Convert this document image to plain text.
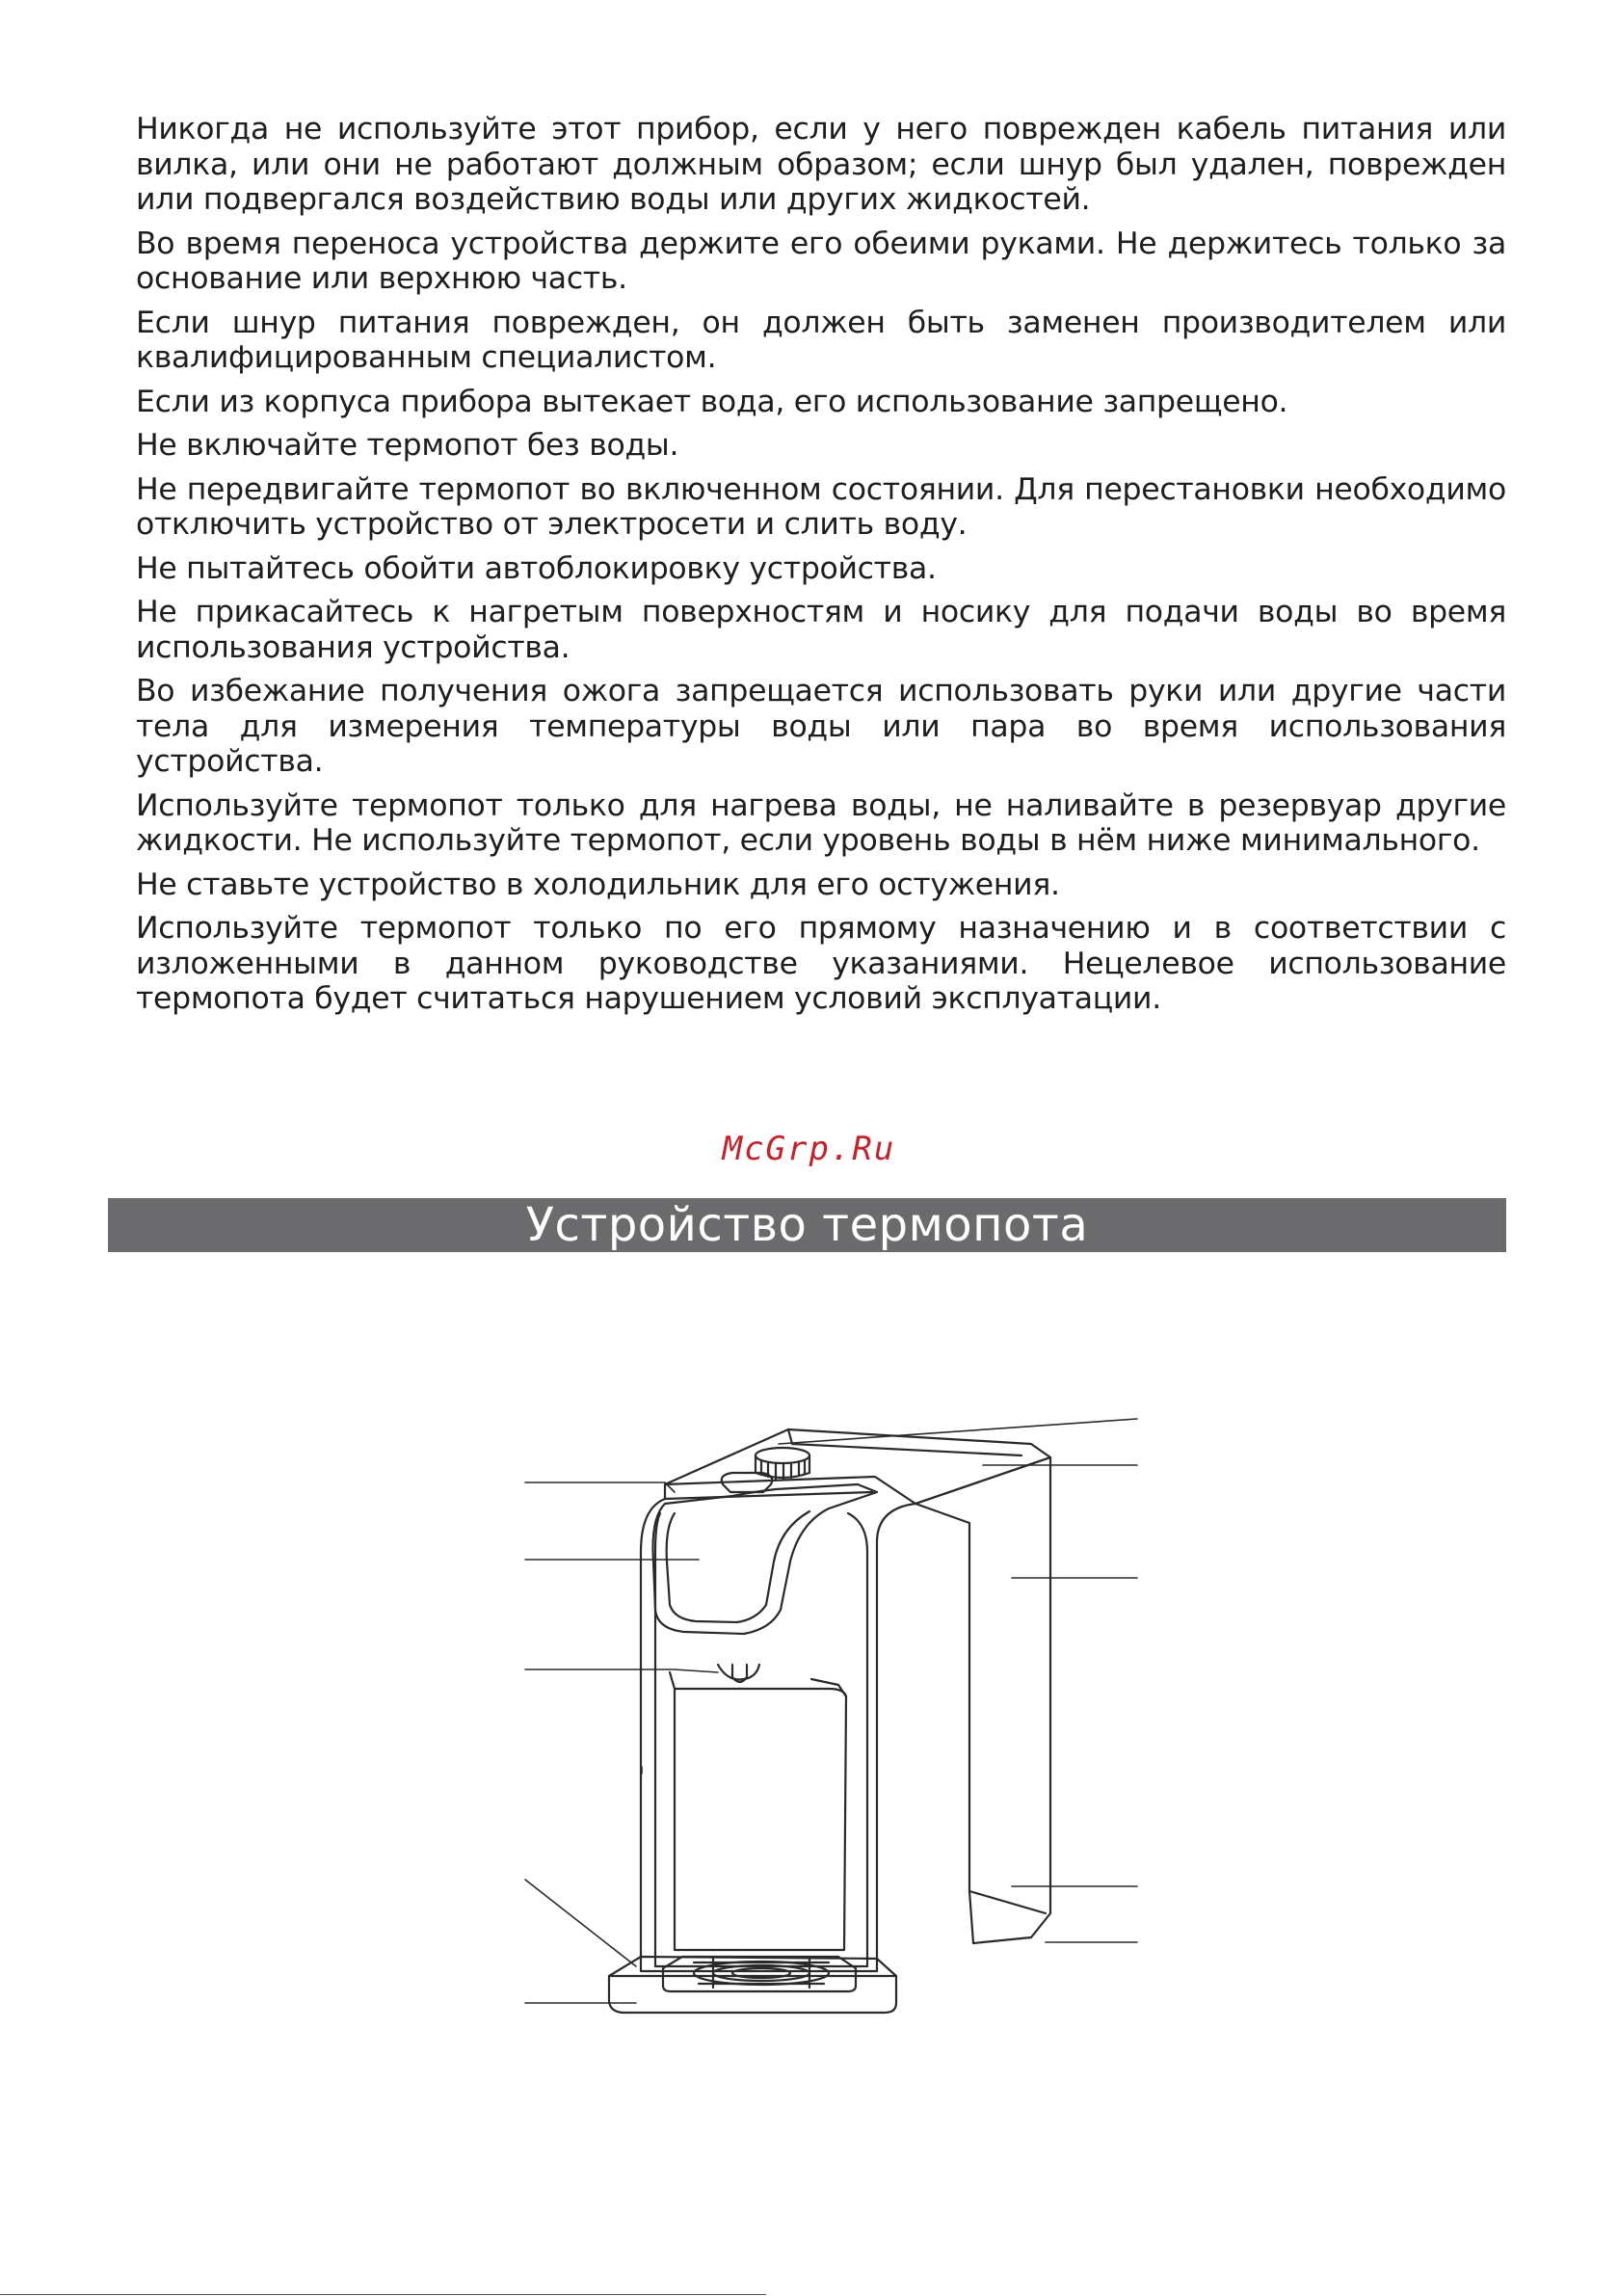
Никогда не используйте этот прибор, если у него поврежден кабель питания или вилка, или они не работают должным образом; если шнур был удален, поврежден или подвергался воздействию воды или других жидкостей.

Во время переноса устройства держите его обеими руками. Не держитесь только за основание или верхнюю часть.

Если шнур питания поврежден, он должен быть заменен производителем или квалифицированным специалистом.

Если из корпуса прибора вытекает вода, его использование запрещено.

Не включайте термопот без воды.

Не передвигайте термопот во включенном состоянии. Для перестановки необходимо отключить устройство от электросети и слить воду.

Не пытайтесь обойти автоблокировку устройства.

Не прикасайтесь к нагретым поверхностям и носику для подачи воды во время использования устройства.

Во избежание получения ожога запрещается использовать руки или другие части тела для измерения температуры воды или пара во время использования устройства.

Используйте термопот только для нагрева воды, не наливайте в резервуар другие жидкости. Не используйте термопот, если уровень воды в нём ниже минимального.

Не ставьте устройство в холодильник для его остужения.

Используйте термопот только по его прямому назначению и в соответствии с изложенными в данном руководстве указаниями. Нецелевое использование термопота будет считаться нарушением условий эксплуатации.

McGrp.Ru
Устройство термопота
